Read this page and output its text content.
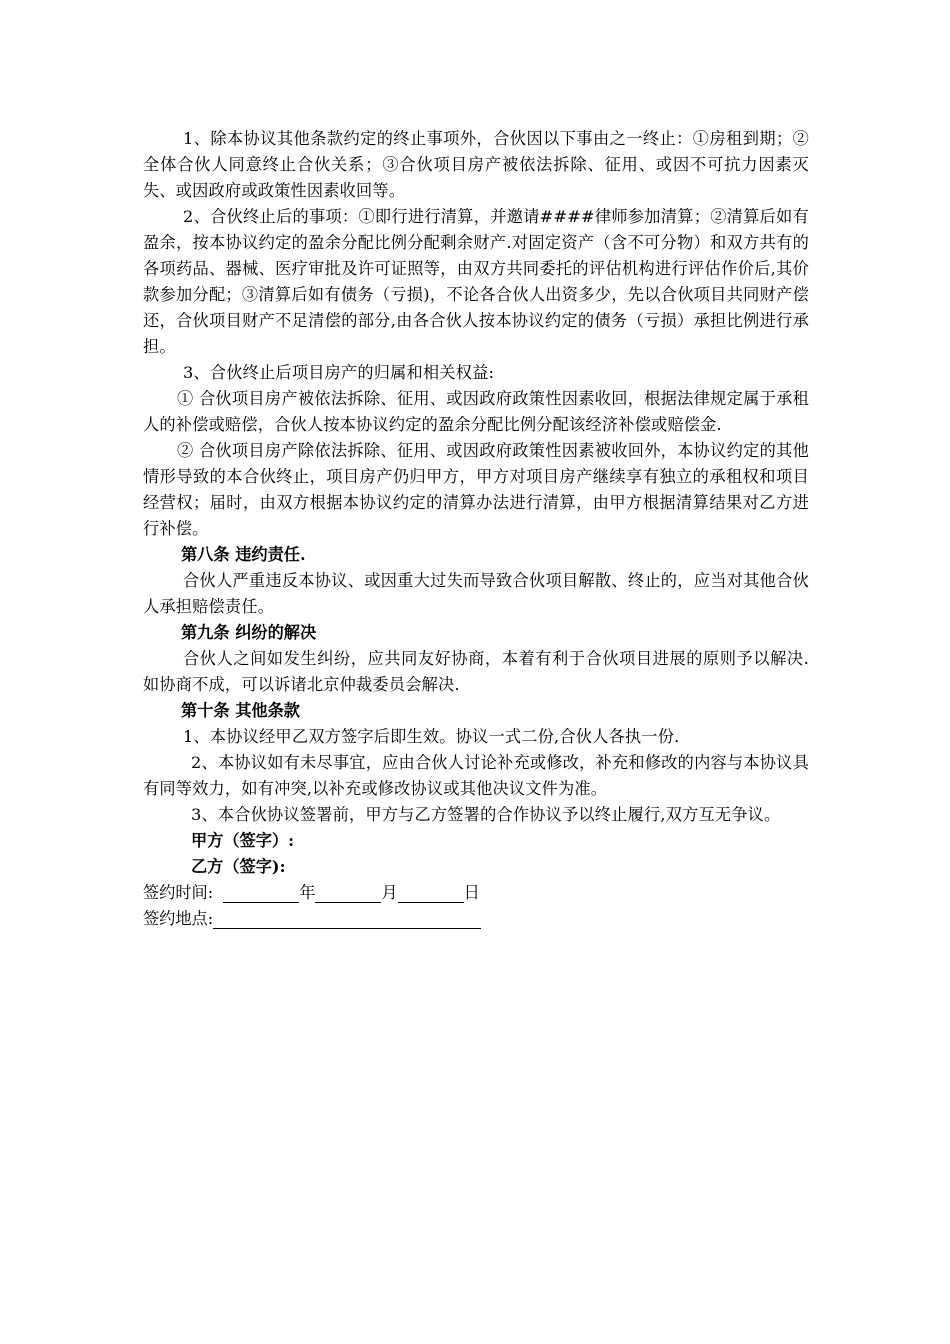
1、除本协议其他条款约定的终止事项外，合伙因以下事由之一终止：①房租到期；②全体合伙人同意终止合伙关系；③合伙项目房产被依法拆除、征用、或因不可抗力因素灭失、或因政府或政策性因素收回等。

2、合伙终止后的事项：①即行进行清算，并邀请####律师参加清算；②清算后如有盈余，按本协议约定的盈余分配比例分配剩余财产.对固定资产（含不可分物）和双方共有的各项药品、器械、医疗审批及许可证照等，由双方共同委托的评估机构进行评估作价后,其价款参加分配；③清算后如有债务（亏损)，不论各合伙人出资多少，先以合伙项目共同财产偿还，合伙项目财产不足清偿的部分,由各合伙人按本协议约定的债务（亏损）承担比例进行承担。

3、合伙终止后项目房产的归属和相关权益:

① 合伙项目房产被依法拆除、征用、或因政府政策性因素收回，根据法律规定属于承租人的补偿或赔偿，合伙人按本协议约定的盈余分配比例分配该经济补偿或赔偿金.

② 合伙项目房产除依法拆除、征用、或因政府政策性因素被收回外，本协议约定的其他情形导致的本合伙终止，项目房产仍归甲方，甲方对项目房产继续享有独立的承租权和项目经营权；届时，由双方根据本协议约定的清算办法进行清算，由甲方根据清算结果对乙方进行补偿。

第八条 违约责任.

合伙人严重违反本协议、或因重大过失而导致合伙项目解散、终止的，应当对其他合伙人承担赔偿责任。

第九条 纠纷的解决

合伙人之间如发生纠纷，应共同友好协商，本着有利于合伙项目进展的原则予以解决.如协商不成，可以诉诸北京仲裁委员会解决.

第十条 其他条款

1、本协议经甲乙双方签字后即生效。协议一式二份,合伙人各执一份.

2、本协议如有未尽事宜，应由合伙人讨论补充或修改，补充和修改的内容与本协议具有同等效力，如有冲突,以补充或修改协议或其他决议文件为准。

3、本合伙协议签署前，甲方与乙方签署的合作协议予以终止履行,双方互无争议。

甲方（签字）:

乙方（签字):

签约时间:	年	月	日

签约地点:
